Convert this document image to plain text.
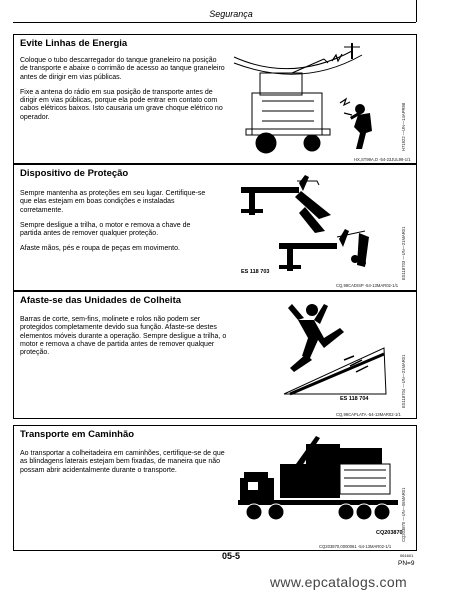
Segurança
Evite Linhas de Energia

Coloque o tubo descarregador do tanque graneleiro na posição de transporte e abaixe o corrimão de acesso ao tanque graneleiro antes de dirigir em vias públicas.

Fixe a antena do rádio em sua posição de transporte antes de dirigir em vias públicas, porque ela pode entrar em contato com cabos elétricos baixos. Isto causaria um grave choque elétrico no operador.	H71922 —UN—14APR98
HX,ST99A,D -54-23JUL99-1/1
Dispositivo de Proteção

Sempre mantenha as proteções em seu lugar. Certifique-se que elas estejam em boas condições e instaladas corretamente.

Sempre desligue a trilha, o motor e remova a chave de partida antes de remover qualquer proteção.

Afaste mãos, pés e roupa de peças em movimento.

ES 118 703	ES118703 —UN—21MAR01
CQ,99CADISP -54-13MAR02-1/1
Afaste-se das Unidades de Colheita

Barras de corte, sem-fins, molinete e rolos não podem ser protegidos completamente devido sua função. Afaste-se destes elementos móveis durante a operação. Sempre desligue a trilha, o motor e remova a chave de partida antes de remover qualquer proteção.

ES 118 704	ES118704 —UN—21MAR01
CQ,99CAPLATA -54-13MAR02-1/1
Transporte em Caminhão

Ao transportar a colheitadeira em caminhões, certifique-se de que as blindagens laterais estejam bem fixadas, de maneira que não possam abrir acidentalmente durante o transporte.

CQ203870
CQ203870 —UN—06MAR01
CQ203870,0000061 -54-13MAR02-1/1
05-5	061601
PN=9
www.epcatalogs.com
